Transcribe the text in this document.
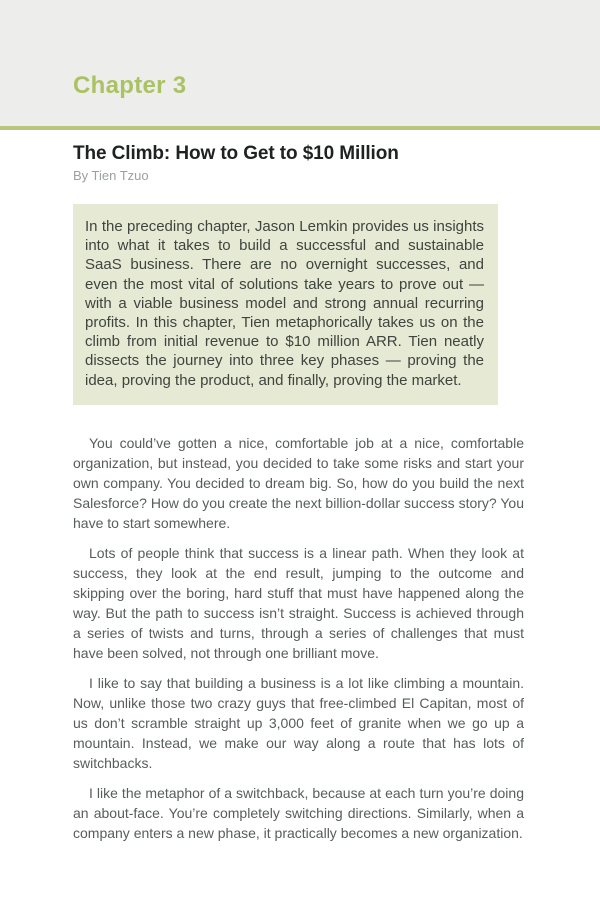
Chapter 3
The Climb: How to Get to $10 Million
By Tien Tzuo
In the preceding chapter, Jason Lemkin provides us insights into what it takes to build a successful and sustainable SaaS business. There are no overnight successes, and even the most vital of solutions take years to prove out — with a viable business model and strong annual recurring profits. In this chapter, Tien metaphorically takes us on the climb from initial revenue to $10 million ARR. Tien neatly dissects the journey into three key phases — proving the idea, proving the product, and finally, proving the market.

You could’ve gotten a nice, comfortable job at a nice, comfortable organization, but instead, you decided to take some risks and start your own company. You decided to dream big. So, how do you build the next Salesforce? How do you create the next billion-dollar success story? You have to start somewhere.

Lots of people think that success is a linear path. When they look at success, they look at the end result, jumping to the outcome and skipping over the boring, hard stuff that must have happened along the way. But the path to success isn’t straight. Success is achieved through a series of twists and turns, through a series of challenges that must have been solved, not through one brilliant move.

I like to say that building a business is a lot like climbing a mountain. Now, unlike those two crazy guys that free-climbed El Capitan, most of us don’t scramble straight up 3,000 feet of granite when we go up a mountain. Instead, we make our way along a route that has lots of switchbacks.

I like the metaphor of a switchback, because at each turn you’re doing an about-face. You’re completely switching directions. Similarly, when a company enters a new phase, it practically becomes a new organization.
